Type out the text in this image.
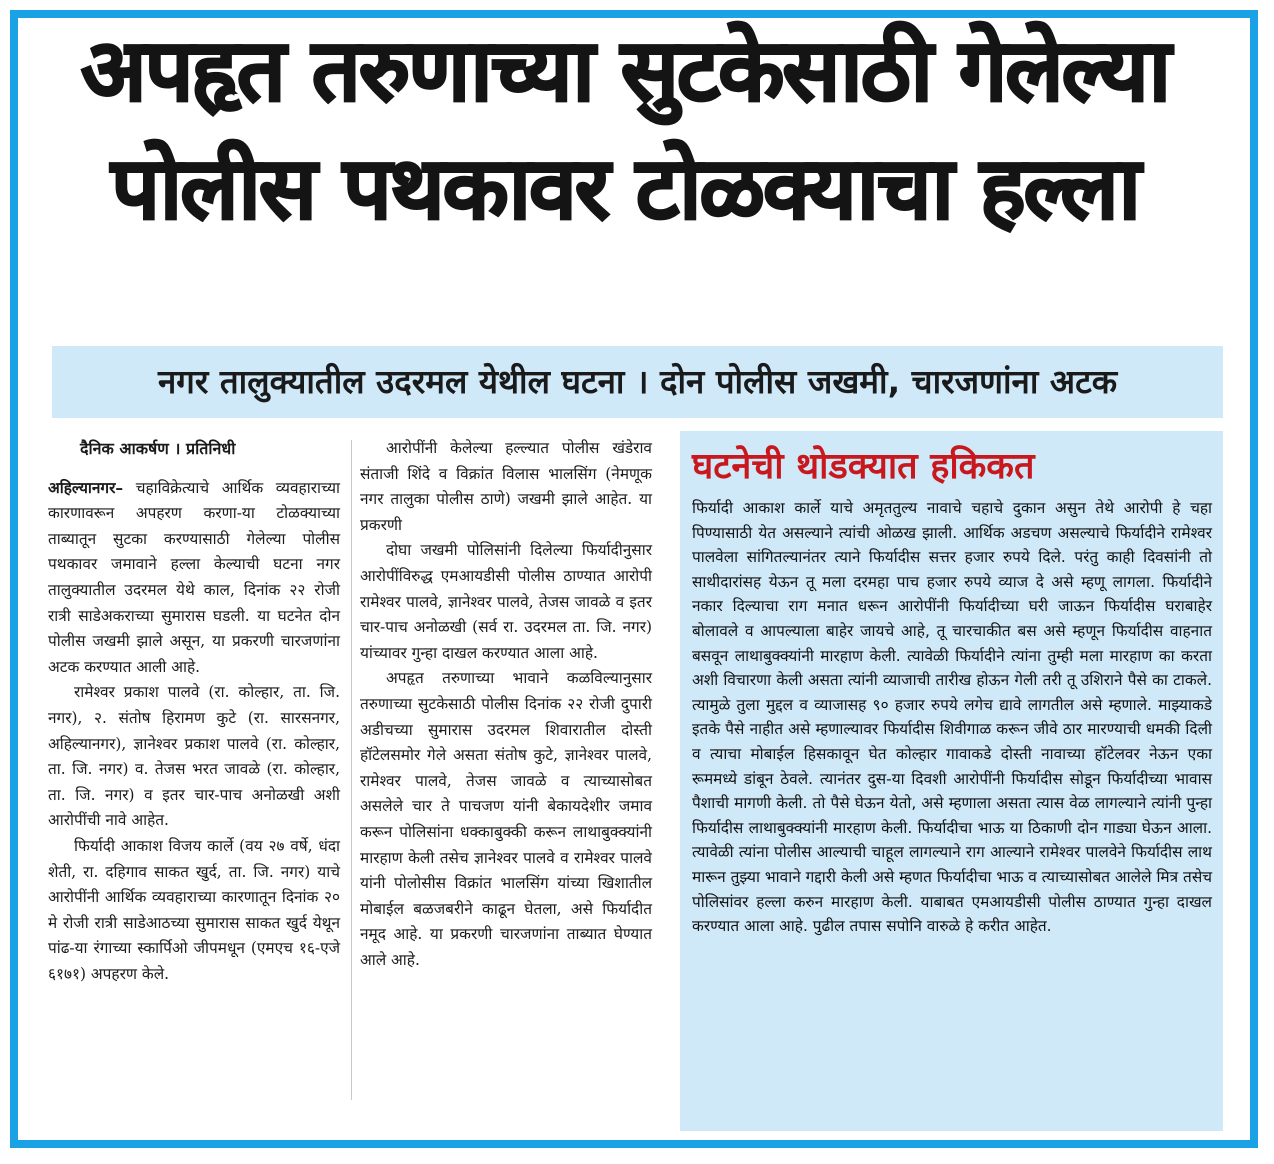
अपहृत तरुणाच्या सुटकेसाठी गेलेल्या
पोलीस पथकावर टोळक्याचा हल्ला
नगर तालुक्यातील उदरमल येथील घटना । दोन पोलीस जखमी, चारजणांना अटक

दैनिक आकर्षण । प्रतिनिधी

अहिल्यानगर– चहाविक्रेत्याचे आर्थिक व्यवहाराच्या कारणावरून अपहरण करणा-या टोळक्याच्या ताब्यातून सुटका करण्यासाठी गेलेल्या पोलीस पथकावर जमावाने हल्ला केल्याची घटना नगर तालुक्यातील उदरमल येथे काल, दिनांक २२ रोजी रात्री साडेअकराच्या सुमारास घडली. या घटनेत दोन पोलीस जखमी झाले असून, या प्रकरणी चारजणांना अटक करण्यात आली आहे.

रामेश्वर प्रकाश पालवे (रा. कोल्हार, ता. जि. नगर), २. संतोष हिरामण कुटे (रा. सारसनगर, अहिल्यानगर), ज्ञानेश्वर प्रकाश पालवे (रा. कोल्हार, ता. जि. नगर) व. तेजस भरत जावळे (रा. कोल्हार, ता. जि. नगर) व इतर चार-पाच अनोळखी अशी आरोपींची नावे आहेत.

फिर्यादी आकाश विजय कार्ले (वय २७ वर्षे, धंदा शेती, रा. दहिगाव साकत खुर्द, ता. जि. नगर) याचे आरोपींनी आर्थिक व्यवहाराच्या कारणातून दिनांक २० मे रोजी रात्री साडेआठच्या सुमारास साकत खुर्द येथून पांढ-या रंगाच्या स्कार्पिओ जीपमधून (एमएच १६-एजे ६१७१) अपहरण केले.

आरोपींनी केलेल्या हल्ल्यात पोलीस खंडेराव संताजी शिंदे व विक्रांत विलास भालसिंग (नेमणूक नगर तालुका पोलीस ठाणे) जखमी झाले आहेत. या प्रकरणी

दोघा जखमी पोलिसांनी दिलेल्या फिर्यादीनुसार आरोपींविरुद्ध एमआयडीसी पोलीस ठाण्यात आरोपी रामेश्वर पालवे, ज्ञानेश्वर पालवे, तेजस जावळे व इतर चार-पाच अनोळखी (सर्व रा. उदरमल ता. जि. नगर) यांच्यावर गुन्हा दाखल करण्यात आला आहे.

अपहृत तरुणाच्या भावाने कळविल्यानुसार तरुणाच्या सुटकेसाठी पोलीस दिनांक २२ रोजी दुपारी अडीचच्या सुमारास उदरमल शिवारातील दोस्ती हॉटेलसमोर गेले असता संतोष कुटे, ज्ञानेश्वर पालवे, रामेश्वर पालवे, तेजस जावळे व त्याच्यासोबत असलेले चार ते पाचजण यांनी बेकायदेशीर जमाव करून पोलिसांना धक्काबुक्की करून लाथाबुक्क्यांनी मारहाण केली तसेच ज्ञानेश्वर पालवे व रामेश्वर पालवे यांनी पोलोसीस विक्रांत भालसिंग यांच्या खिशातील मोबाईल बळजबरीने काढून घेतला, असे फिर्यादीत नमूद आहे. या प्रकरणी चारजणांना ताब्यात घेण्यात आले आहे.

घटनेची थोडक्यात हकिकत
फिर्यादी आकाश कार्ले याचे अमृततुल्य नावाचे चहाचे दुकान असुन तेथे आरोपी हे चहा पिण्यासाठी येत असल्याने त्यांची ओळख झाली. आर्थिक अडचण असल्याचे फिर्यादीने रामेश्वर पालवेला सांगितल्यानंतर त्याने फिर्यादीस सत्तर हजार रुपये दिले. परंतु काही दिवसांनी तो साथीदारांसह येऊन तू मला दरमहा पाच हजार रुपये व्याज दे असे म्हणू लागला. फिर्यादीने नकार दिल्याचा राग मनात धरून आरोपींनी फिर्यादीच्या घरी जाऊन फिर्यादीस घराबाहेर बोलावले व आपल्याला बाहेर जायचे आहे, तू चारचाकीत बस असे म्हणून फिर्यादीस वाहनात बसवून लाथाबुक्क्यांनी मारहाण केली. त्यावेळी फिर्यादीने त्यांना तुम्ही मला मारहाण का करता अशी विचारणा केली असता त्यांनी व्याजाची तारीख होऊन गेली तरी तू उशिराने पैसे का टाकले. त्यामुळे तुला मुद्दल व व्याजासह ९० हजार रुपये लगेच द्यावे लागतील असे म्हणाले. माझ्याकडे इतके पैसे नाहीत असे म्हणाल्यावर फिर्यादीस शिवीगाळ करून जीवे ठार मारण्याची धमकी दिली व त्याचा मोबाईल हिसकावून घेत कोल्हार गावाकडे दोस्ती नावाच्या हॉटेलवर नेऊन एका रूममध्ये डांबून ठेवले. त्यानंतर दुस-या दिवशी आरोपींनी फिर्यादीस सोडून फिर्यादीच्या भावास पैशाची मागणी केली. तो पैसे घेऊन येतो, असे म्हणाला असता त्यास वेळ लागल्याने त्यांनी पुन्हा फिर्यादीस लाथाबुक्क्यांनी मारहाण केली. फिर्यादीचा भाऊ या ठिकाणी दोन गाड्या घेऊन आला. त्यावेळी त्यांना पोलीस आल्याची चाहूल लागल्याने राग आल्याने रामेश्वर पालवेने फिर्यादीस लाथ मारून तुझ्या भावाने गद्दारी केली असे म्हणत फिर्यादीचा भाऊ व त्याच्यासोबत आलेले मित्र तसेच पोलिसांवर हल्ला करुन मारहाण केली. याबाबत एमआयडीसी पोलीस ठाण्यात गुन्हा दाखल करण्यात आला आहे. पुढील तपास सपोनि वारुळे हे करीत आहेत.
